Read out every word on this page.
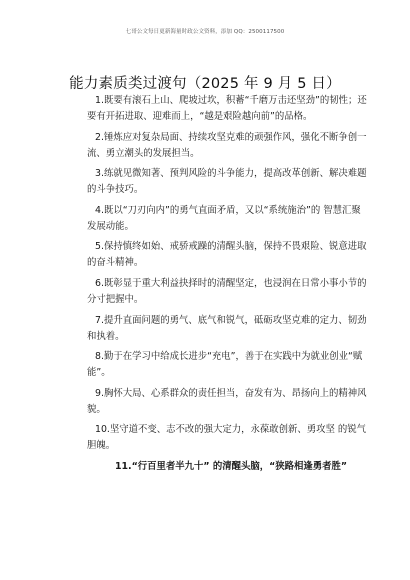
七哥公文每日更新海量时政公文资料，添加 QQ：2500117500
能力素质类过渡句（2025 年 9 月 5 日）

1.既要有滚石上山、爬坡过坎，积蓄“千磨万击还坚劲”的韧性；还要有开拓进取、迎难而上，“越是艰险越向前”的品格。

2.锤炼应对复杂局面、持续攻坚克难的顽强作风，强化不断争创一流、勇立潮头的发展担当。

3.练就见微知著、预判风险的斗争能力，提高改革创新、解决难题的斗争技巧。

4.既以“刀刃向内”的勇气直面矛盾，又以“系统施治”的 智慧汇聚发展动能。

5.保持慎终如始、戒骄戒躁的清醒头脑，保持不畏艰险、锐意进取的奋斗精神。

6.既彰显于重大利益抉择时的清醒坚定，也浸润在日常小事小节的分寸把握中。

7.提升直面问题的勇气、底气和锐气，砥砺攻坚克难的定力、韧劲和执着。

8.勤于在学习中给成长进步“充电”，善于在实践中为就业创业“赋能”。

9.胸怀大局、心系群众的责任担当，奋发有为、昂扬向上的精神风貌。

10.坚守道不变、志不改的强大定力，永葆敢创新、勇攻坚 的锐气胆魄。

11.“行百里者半九十” 的清醒头脑，“狭路相逢勇者胜”
